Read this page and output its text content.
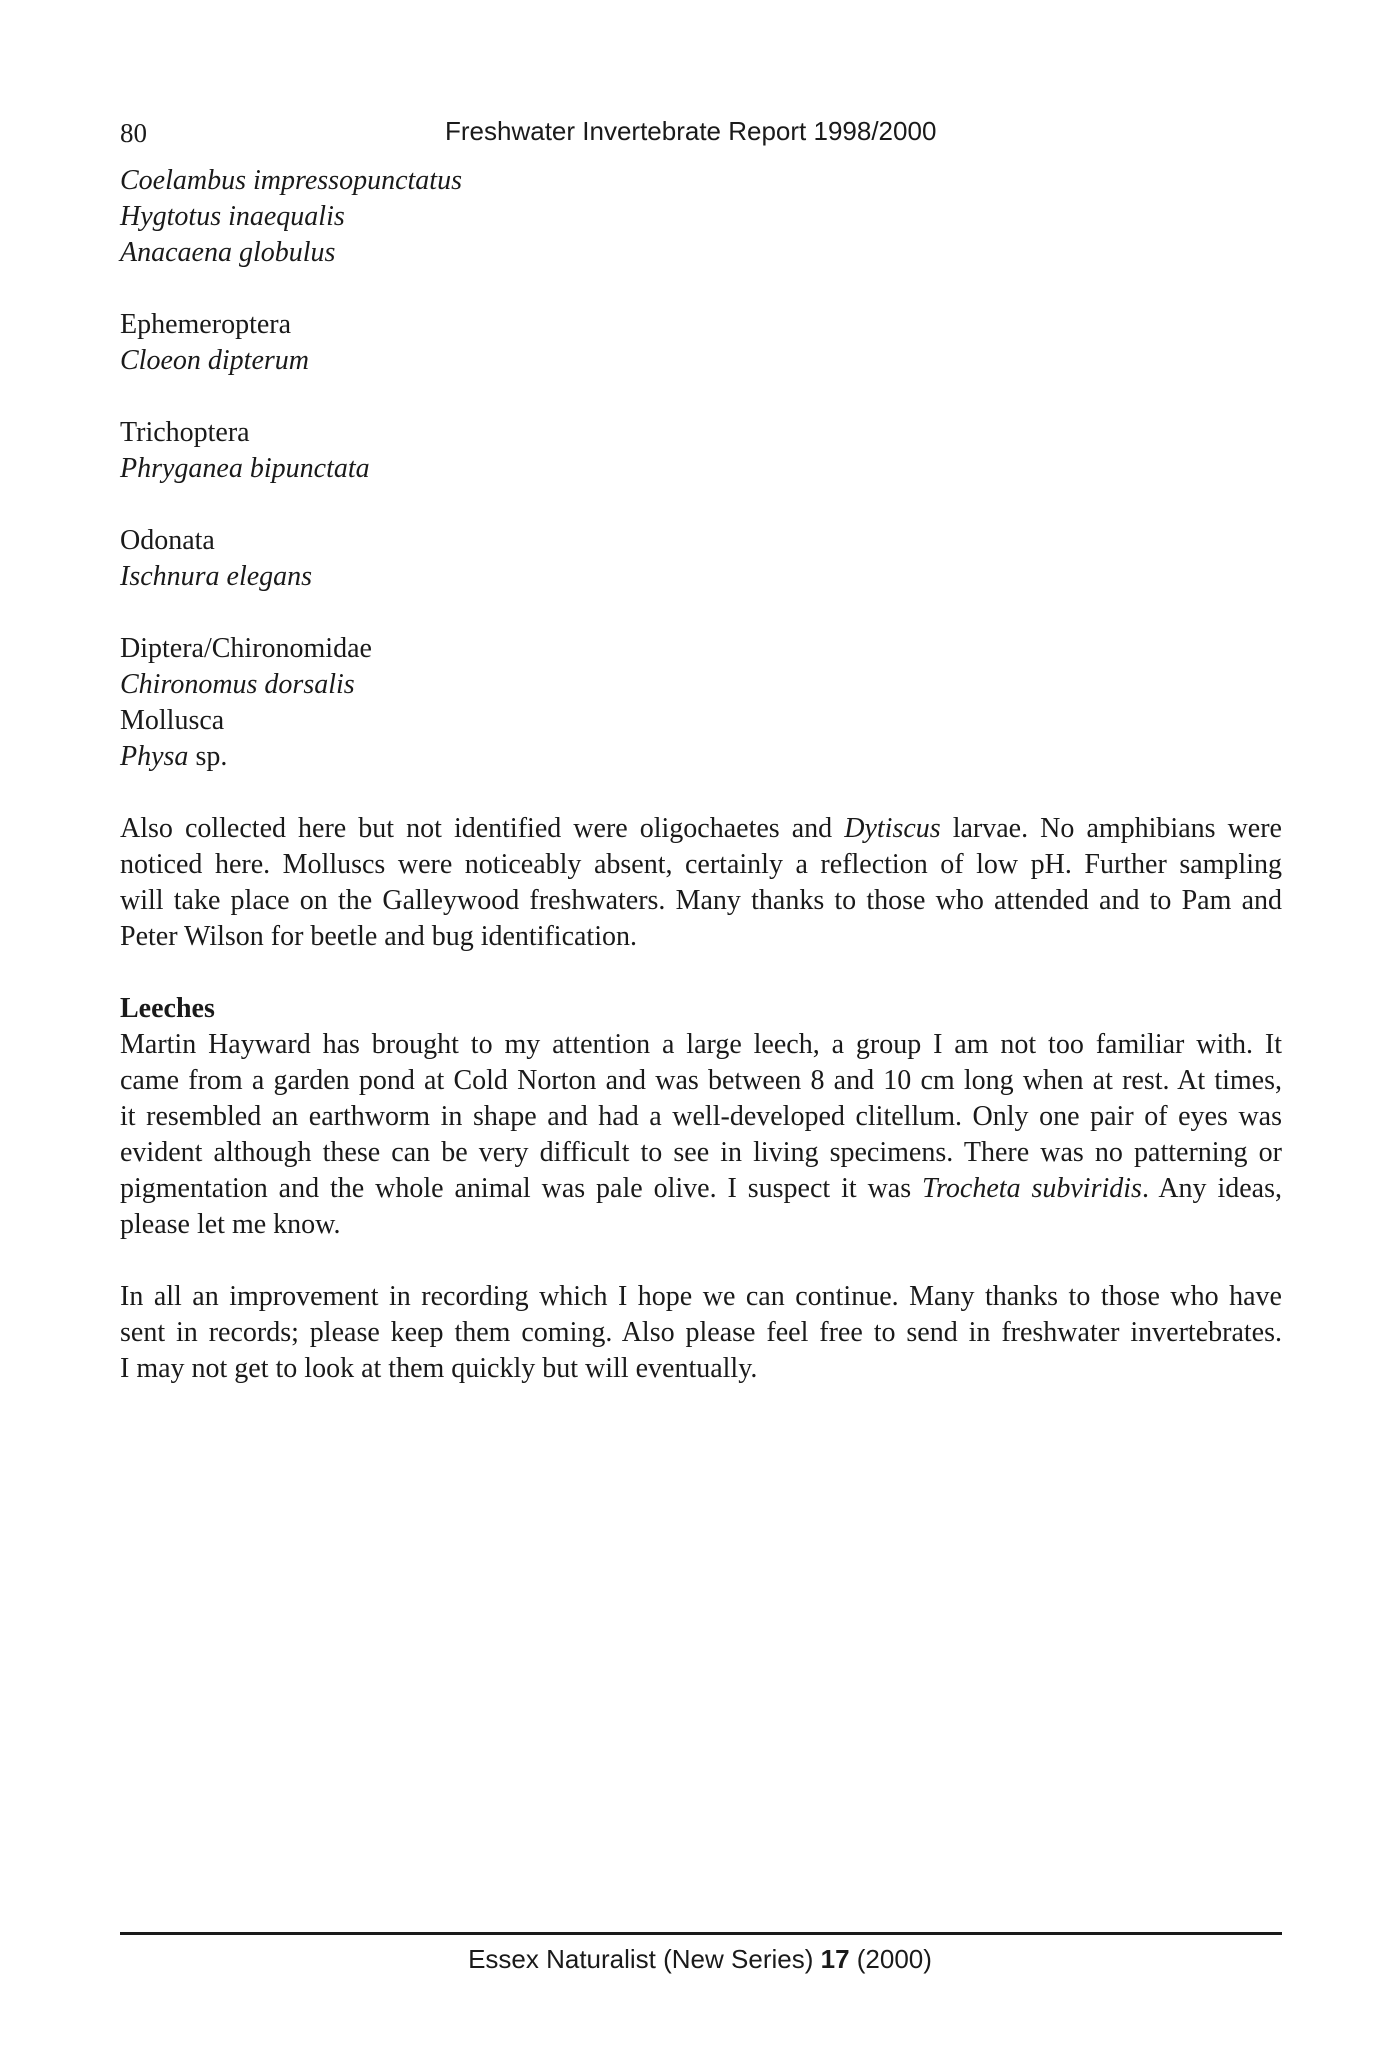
80	Freshwater Invertebrate Report 1998/2000
Coelambus impressopunctatus
Hygtotus inaequalis
Anacaena globulus
Ephemeroptera
Cloeon dipterum
Trichoptera
Phryganea bipunctata
Odonata
Ischnura elegans
Diptera/Chironomidae
Chironomus dorsalis
Mollusca
Physa sp.
Also collected here but not identified were oligochaetes and Dytiscus larvae. No amphibians were
noticed here. Molluscs were noticeably absent, certainly a reflection of low pH. Further sampling
will take place on the Galleywood freshwaters. Many thanks to those who attended and to Pam and
Peter Wilson for beetle and bug identification.
Leeches
Martin Hayward has brought to my attention a large leech, a group I am not too familiar with. It
came from a garden pond at Cold Norton and was between 8 and 10 cm long when at rest. At times,
it resembled an earthworm in shape and had a well-developed clitellum. Only one pair of eyes was
evident although these can be very difficult to see in living specimens. There was no patterning or
pigmentation and the whole animal was pale olive. I suspect it was Trocheta subviridis. Any ideas,
please let me know.
In all an improvement in recording which I hope we can continue. Many thanks to those who have
sent in records; please keep them coming. Also please feel free to send in freshwater invertebrates.
I may not get to look at them quickly but will eventually.
Essex Naturalist (New Series) 17 (2000)
